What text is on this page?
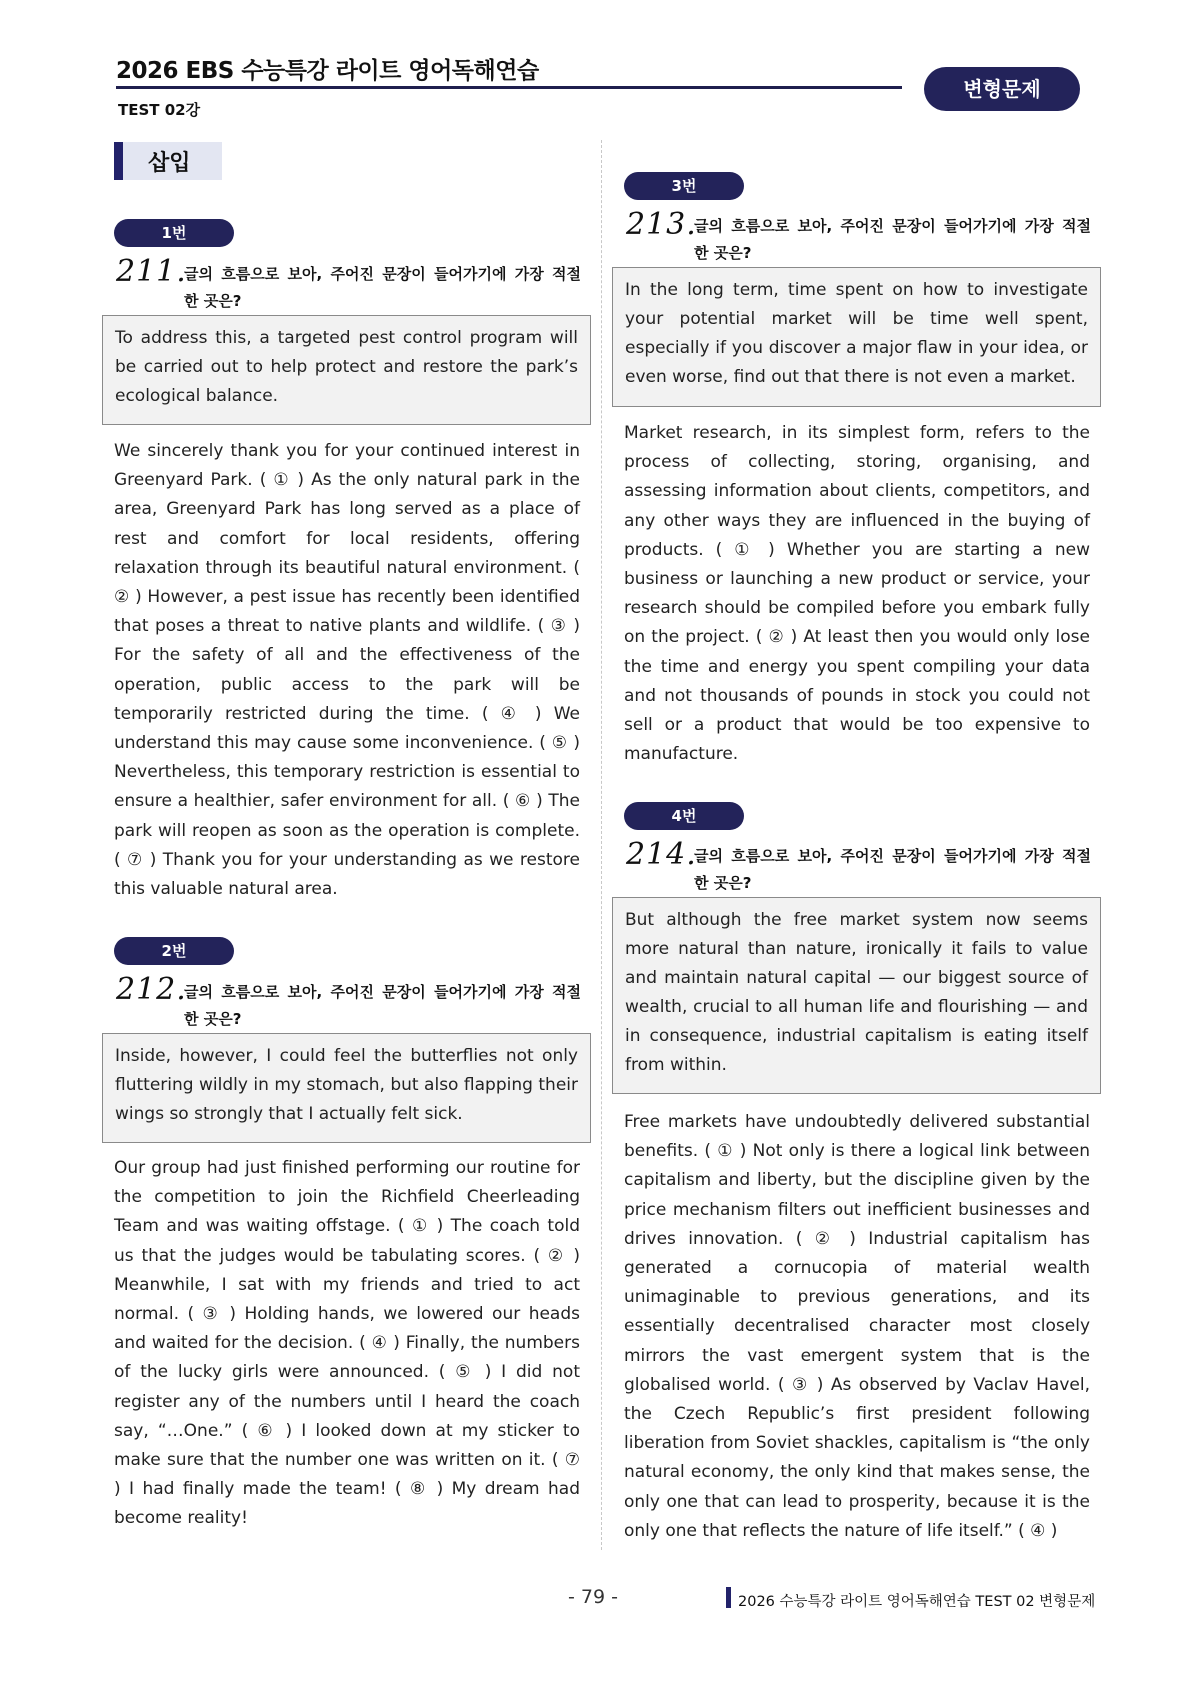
2026 EBS 수능특강 라이트 영어독해연습
TEST 02강
변형문제
삽입
1번
211.
글의 흐름으로 보아, 주어진 문장이 들어가기에 가장 적절
한 곳은?
To address this, a targeted pest control program will be carried out to help protect and restore the park’s ecological balance.
We sincerely thank you for your continued interest in Greenyard Park. ( ① ) As the only natural park in the area, Greenyard Park has long served as a place of rest and comfort for local residents, offering relaxation through its beautiful natural environment. ( ② ) However, a pest issue has recently been identified that poses a threat to native plants and wildlife. ( ③ ) For the safety of all and the effectiveness of the operation, public access to the park will be temporarily restricted during the time. ( ④ ) We understand this may cause some inconvenience. ( ⑤ ) Nevertheless, this temporary restriction is essential to ensure a healthier, safer environment for all. ( ⑥ ) The park will reopen as soon as the operation is complete. ( ⑦ ) Thank you for your understanding as we restore this valuable natural area.
2번
212.
글의 흐름으로 보아, 주어진 문장이 들어가기에 가장 적절
한 곳은?
Inside, however, I could feel the butterflies not only fluttering wildly in my stomach, but also flapping their wings so strongly that I actually felt sick.
Our group had just finished performing our routine for the competition to join the Richfield Cheerleading Team and was waiting offstage. ( ① ) The coach told us that the judges would be tabulating scores. ( ② ) Meanwhile, I sat with my friends and tried to act normal. ( ③ ) Holding hands, we lowered our heads and waited for the decision. ( ④ ) Finally, the numbers of the lucky girls were announced. ( ⑤ ) I did not register any of the numbers until I heard the coach say, “…One.” ( ⑥ ) I looked down at my sticker to make sure that the number one was written on it. ( ⑦ ) I had finally made the team! ( ⑧ ) My dream had become reality!
3번
213.
글의 흐름으로 보아, 주어진 문장이 들어가기에 가장 적절
한 곳은?
In the long term, time spent on how to investigate your potential market will be time well spent, especially if you discover a major flaw in your idea, or even worse, find out that there is not even a market.
Market research, in its simplest form, refers to the process of collecting, storing, organising, and assessing information about clients, competitors, and any other ways they are influenced in the buying of products. ( ① ) Whether you are starting a new business or launching a new product or service, your research should be compiled before you embark fully on the project. ( ② ) At least then you would only lose the time and energy you spent compiling your data and not thousands of pounds in stock you could not sell or a product that would be too expensive to manufacture.
4번
214.
글의 흐름으로 보아, 주어진 문장이 들어가기에 가장 적절
한 곳은?
But although the free market system now seems more natural than nature, ironically it fails to value and maintain natural capital — our biggest source of wealth, crucial to all human life and flourishing — and in consequence, industrial capitalism is eating itself from within.
Free markets have undoubtedly delivered substantial benefits. ( ① ) Not only is there a logical link between capitalism and liberty, but the discipline given by the price mechanism filters out inefficient businesses and drives innovation. ( ② ) Industrial capitalism has generated a cornucopia of material wealth unimaginable to previous generations, and its essentially decentralised character most closely mirrors the vast emergent system that is the globalised world. ( ③ ) As observed by Vaclav Havel, the Czech Republic’s first president following liberation from Soviet shackles, capitalism is “the only natural economy, the only kind that makes sense, the only one that can lead to prosperity, because it is the only one that reflects the nature of life itself.” ( ④ )
- 79 -	2026 수능특강 라이트 영어독해연습 TEST 02 변형문제
